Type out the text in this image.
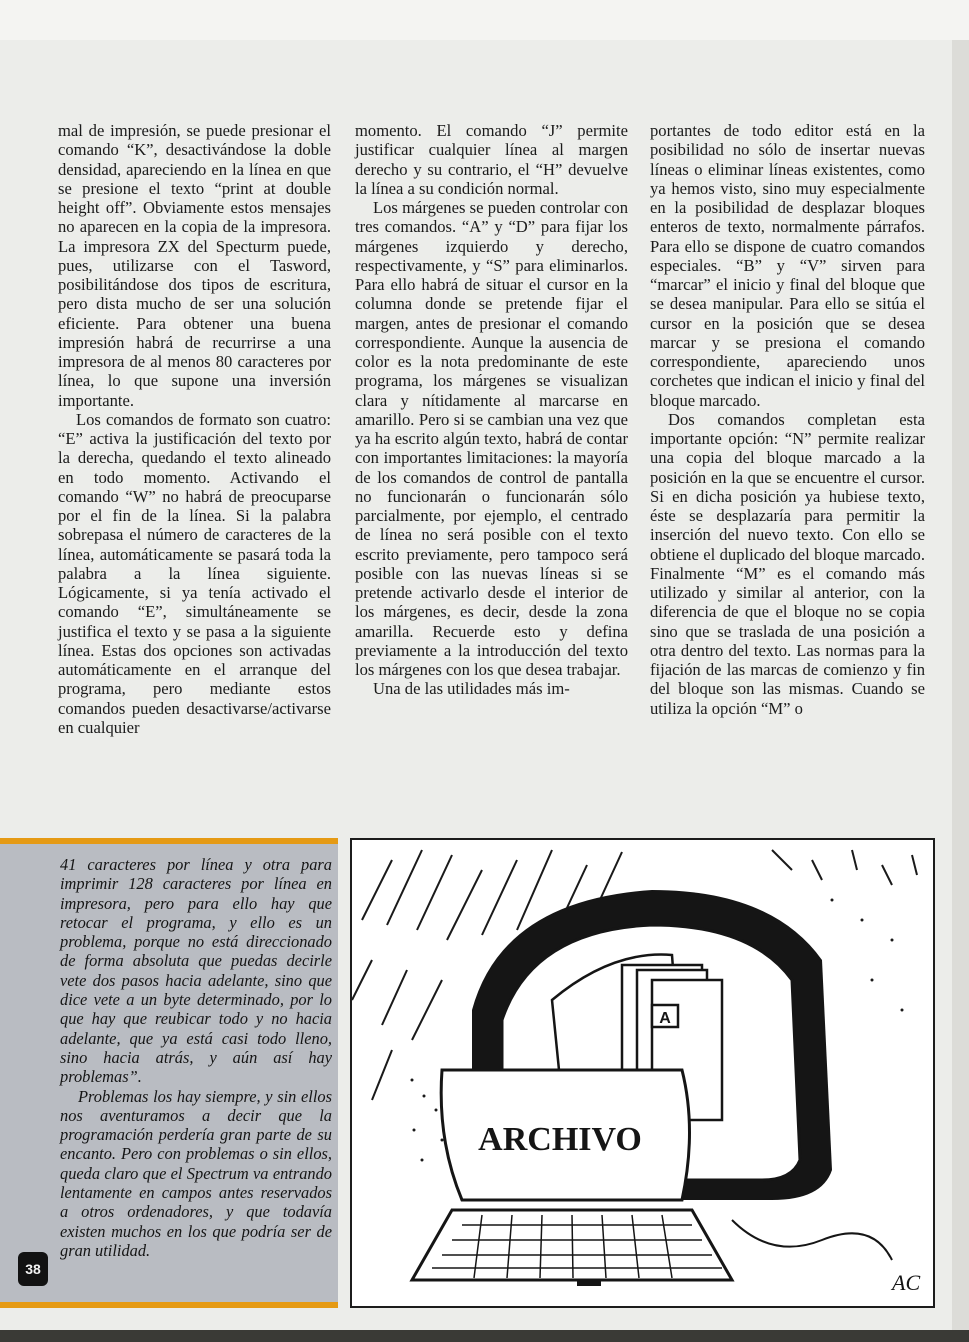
mal de impresión, se puede presionar el comando “K”, desactivándose la doble densidad, apareciendo en la línea en que se presione el texto “print at double height off”. Obviamente estos mensajes no aparecen en la copia de la impresora. La impresora ZX del Specturm puede, pues, utilizarse con el Tasword, posibilitándose dos tipos de escritura, pero dista mucho de ser una solución eficiente. Para obtener una buena impresión habrá de recurrirse a una impresora de al menos 80 caracteres por línea, lo que supone una inversión importante.

Los comandos de formato son cuatro: “E” activa la justificación del texto por la derecha, quedando el texto alineado en todo momento. Activando el comando “W” no habrá de preocuparse por el fin de la línea. Si la palabra sobrepasa el número de caracteres de la línea, automáticamente se pasará toda la palabra a la línea siguiente. Lógicamente, si ya tenía activado el comando “E”, simultáneamente se justifica el texto y se pasa a la siguiente línea. Estas dos opciones son activadas automáticamente en el arranque del programa, pero mediante estos comandos pueden desactivarse/activarse en cualquier

momento. El comando “J” permite justificar cualquier línea al margen derecho y su contrario, el “H” devuelve la línea a su condición normal.

Los márgenes se pueden controlar con tres comandos. “A” y “D” para fijar los márgenes izquierdo y derecho, respectivamente, y “S” para eliminarlos. Para ello habrá de situar el cursor en la columna donde se pretende fijar el margen, antes de presionar el comando correspondiente. Aunque la ausencia de color es la nota predominante de este programa, los márgenes se visualizan clara y nítidamente al marcarse en amarillo. Pero si se cambian una vez que ya ha escrito algún texto, habrá de contar con importantes limitaciones: la mayoría de los comandos de control de pantalla no funcionarán o funcionarán sólo parcialmente, por ejemplo, el centrado de línea no será posible con el texto escrito previamente, pero tampoco será posible con las nuevas líneas si se pretende activarlo desde el interior de los márgenes, es decir, desde la zona amarilla. Recuerde esto y defina previamente a la introducción del texto los márgenes con los que desea trabajar.

Una de las utilidades más im-

portantes de todo editor está en la posibilidad no sólo de insertar nuevas líneas o eliminar líneas existentes, como ya hemos visto, sino muy especialmente en la posibilidad de desplazar bloques enteros de texto, normalmente párrafos. Para ello se dispone de cuatro comandos especiales. “B” y “V” sirven para “marcar” el inicio y final del bloque que se desea manipular. Para ello se sitúa el cursor en la posición que se desea marcar y se presiona el comando correspondiente, apareciendo unos corchetes que indican el inicio y final del bloque marcado.

Dos comandos completan esta importante opción: “N” permite realizar una copia del bloque marcado a la posición en la que se encuentre el cursor. Si en dicha posición ya hubiese texto, éste se desplazaría para permitir la inserción del nuevo texto. Con ello se obtiene el duplicado del bloque marcado. Finalmente “M” es el comando más utilizado y similar al anterior, con la diferencia de que el bloque no se copia sino que se traslada de una posición a otra dentro del texto. Las normas para la fijación de las marcas de comienzo y fin del bloque son las mismas. Cuando se utiliza la opción “M” o

41 caracteres por línea y otra para imprimir 128 caracteres por línea en impresora, pero para ello hay que retocar el programa, y ello es un problema, porque no está direccionado de forma absoluta que puedas decirle vete dos pasos hacia adelante, sino que dice vete a un byte determinado, por lo que hay que reubicar todo y no hacia adelante, que ya está casi todo lleno, sino hacia atrás, y aún así hay problemas”.

Problemas los hay siempre, y sin ellos nos aventuramos a decir que la programación perdería gran parte de su encanto. Pero con problemas o sin ellos, queda claro que el Spectrum va entrando lentamente en campos antes reservados a otros ordenadores, y que todavía existen muchos en los que podría ser de gran utilidad.

38
A
ARCHIVO
AC
